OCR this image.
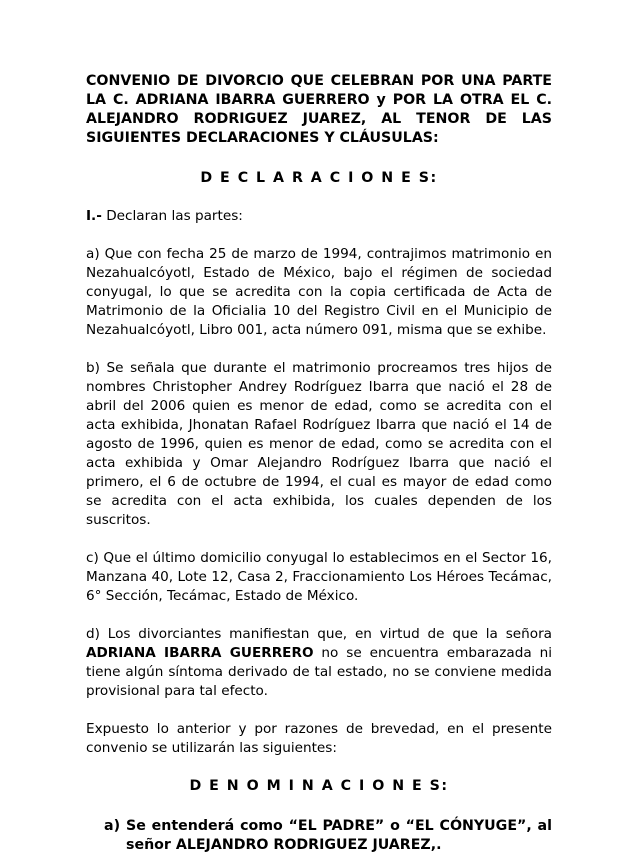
CONVENIO DE DIVORCIO QUE CELEBRAN POR UNA PARTE LA C. ADRIANA IBARRA GUERRERO y POR LA OTRA EL C. ALEJANDRO RODRIGUEZ JUAREZ, AL TENOR DE LAS SIGUIENTES DECLARACIONES Y CLÁUSULAS:
D E C L A R A C I O N E S:

I.- Declaran las partes:

a) Que con fecha 25 de marzo de 1994, contrajimos matrimonio en Nezahualcóyotl, Estado de México, bajo el régimen de sociedad conyugal, lo que se acredita con la copia certificada de Acta de Matrimonio de la Oficialia 10 del Registro Civil en el Municipio de Nezahualcóyotl, Libro 001, acta número 091, misma que se exhibe.

b) Se señala que durante el matrimonio procreamos tres hijos de nombres Christopher Andrey Rodríguez Ibarra que nació el 28 de abril del 2006 quien es menor de edad, como se acredita con el acta exhibida, Jhonatan Rafael Rodríguez Ibarra que nació el 14 de agosto de 1996, quien es menor de edad, como se acredita con el acta exhibida y Omar Alejandro Rodríguez Ibarra que nació el primero, el 6 de octubre de 1994, el cual es mayor de edad como se acredita con el acta exhibida, los cuales dependen de los suscritos.

c) Que el último domicilio conyugal lo establecimos en el Sector 16, Manzana 40, Lote 12, Casa 2, Fraccionamiento Los Héroes Tecámac, 6° Sección, Tecámac, Estado de México.

d) Los divorciantes manifiestan que, en virtud de que la señora ADRIANA IBARRA GUERRERO no se encuentra embarazada ni tiene algún síntoma derivado de tal estado, no se conviene medida provisional para tal efecto.

Expuesto lo anterior y por razones de brevedad, en el presente convenio se utilizarán las siguientes:

D E N O M I N A C I O N E S:
a) Se entenderá como “EL PADRE” o “EL CÓNYUGE”, al señor ALEJANDRO RODRIGUEZ JUAREZ,.
